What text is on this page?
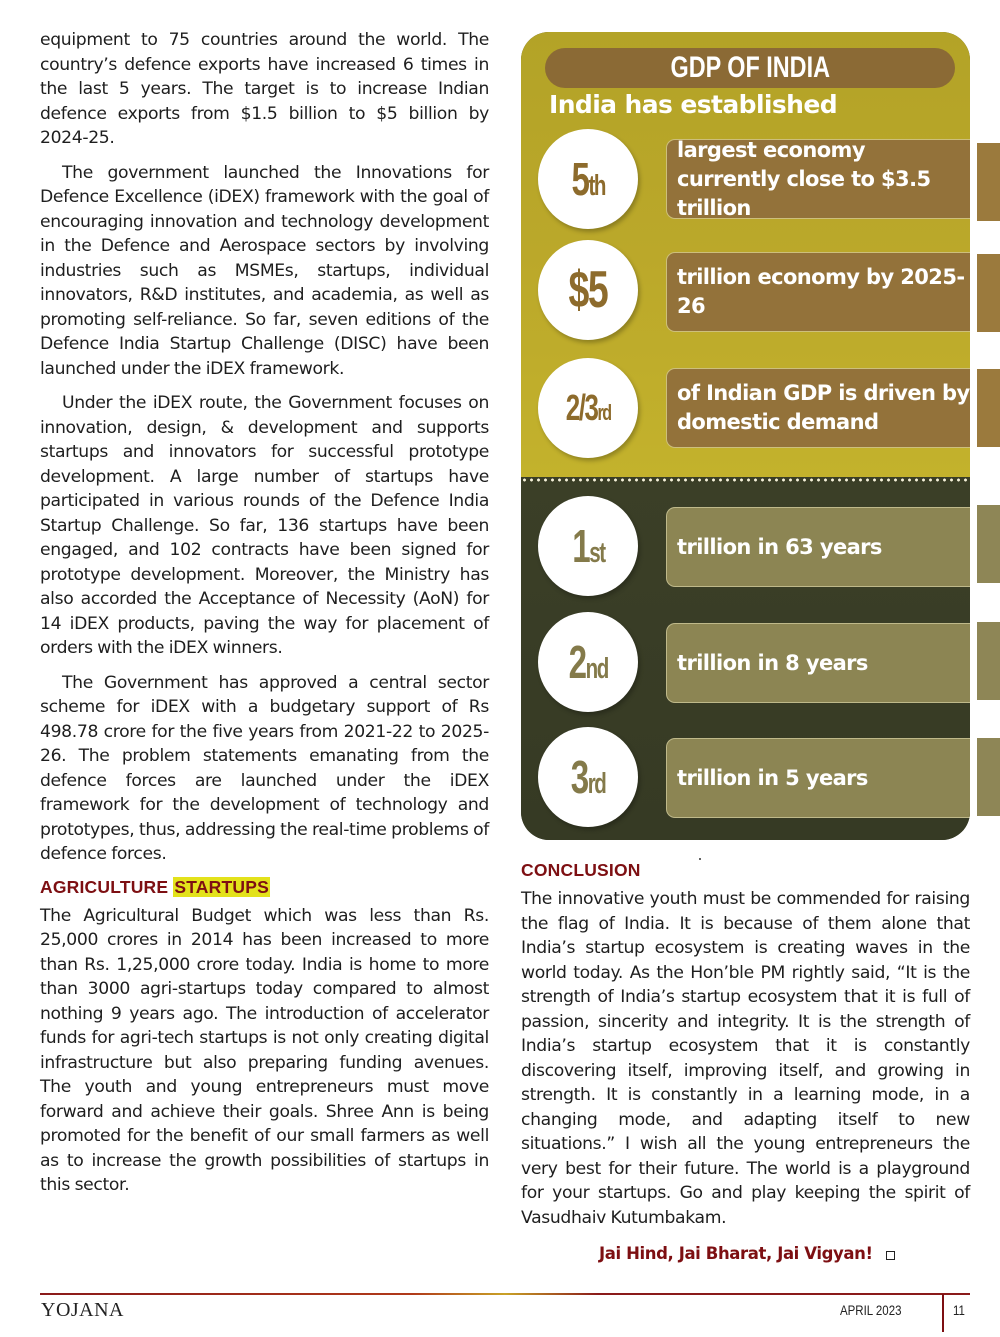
equipment to 75 countries around the world. The country’s defence exports have increased 6 times in the last 5 years. The target is to increase Indian defence exports from $1.5 billion to $5 billion by 2024-25.

The government launched the Innovations for Defence Excellence (iDEX) framework with the goal of encouraging innovation and technology development in the Defence and Aerospace sectors by involving industries such as MSMEs, startups, individual innovators, R&D institutes, and academia, as well as promoting self-reliance. So far, seven editions of the Defence India Startup Challenge (DISC) have been launched under the iDEX framework.

Under the iDEX route, the Government focuses on innovation, design, & development and supports startups and innovators for successful prototype development. A large number of startups have participated in various rounds of the Defence India Startup Challenge. So far, 136 startups have been engaged, and 102 contracts have been signed for prototype development. Moreover, the Ministry has also accorded the Acceptance of Necessity (AoN) for 14 iDEX products, paving the way for placement of orders with the iDEX winners.

The Government has approved a central sector scheme for iDEX with a budgetary support of Rs 498.78 crore for the five years from 2021-22 to 2025-26. The problem statements emanating from the defence forces are launched under the iDEX framework for the development of technology and prototypes, thus, addressing the real-time problems of defence forces.

AGRICULTURE STARTUPS

The Agricultural Budget which was less than Rs. 25,000 crores in 2014 has been increased to more than Rs. 1,25,000 crore today. India is home to more than 3000 agri-startups today compared to almost nothing 9 years ago. The introduction of accelerator funds for agri-tech startups is not only creating digital infrastructure but also preparing funding avenues. The youth and young entrepreneurs must move forward and achieve their goals. Shree Ann is being promoted for the benefit of our small farmers as well as to increase the growth possibilities of startups in this sector.

GDP OF INDIA
India has established
5th
largest economy currently close to $3.5 trillion
$5	trillion economy by 2025-26
2/3rd
of Indian GDP is driven by domestic demand
1st	trillion in 63 years
2nd	trillion in 8 years
3rd	trillion in 5 years
CONCLUSION

The innovative youth must be commended for raising the flag of India. It is because of them alone that India’s startup ecosystem is creating waves in the world today. As the Hon’ble PM rightly said, “It is the strength of India’s startup ecosystem that it is full of passion, sincerity and integrity. It is the strength of India’s startup ecosystem that it is constantly discovering itself, improving itself, and growing in strength. It is constantly in a learning mode, in a changing mode, and adapting itself to new situations.” I wish all the young entrepreneurs the very best for their future. The world is a playground for your startups. Go and play keeping the spirit of Vasudhaiv Kutumbakam.

Jai Hind, Jai Bharat, Jai Vigyan!
YOJANA	APRIL 2023	11
